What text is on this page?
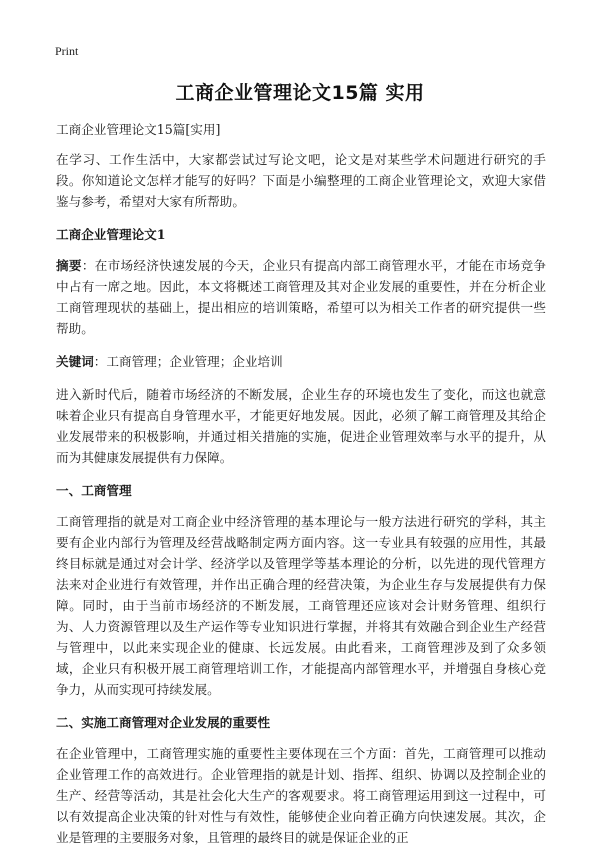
Print
工商企业管理论文15篇 实用

工商企业管理论文15篇[实用]

在学习、工作生活中，大家都尝试过写论文吧，论文是对某些学术问题进行研究的手段。你知道论文怎样才能写的好吗？下面是小编整理的工商企业管理论文，欢迎大家借鉴与参考，希望对大家有所帮助。

工商企业管理论文1

摘要：在市场经济快速发展的今天，企业只有提高内部工商管理水平，才能在市场竞争中占有一席之地。因此，本文将概述工商管理及其对企业发展的重要性，并在分析企业工商管理现状的基础上，提出相应的培训策略，希望可以为相关工作者的研究提供一些帮助。

关键词：工商管理；企业管理；企业培训

进入新时代后，随着市场经济的不断发展，企业生存的环境也发生了变化，而这也就意味着企业只有提高自身管理水平，才能更好地发展。因此，必须了解工商管理及其给企业发展带来的积极影响，并通过相关措施的实施，促进企业管理效率与水平的提升，从而为其健康发展提供有力保障。

一、工商管理

工商管理指的就是对工商企业中经济管理的基本理论与一般方法进行研究的学科，其主要有企业内部行为管理及经营战略制定两方面内容。这一专业具有较强的应用性，其最终目标就是通过对会计学、经济学以及管理学等基本理论的分析，以先进的现代管理方法来对企业进行有效管理，并作出正确合理的经营决策，为企业生存与发展提供有力保障。同时，由于当前市场经济的不断发展，工商管理还应该对会计财务管理、组织行为、人力资源管理以及生产运作等专业知识进行掌握，并将其有效融合到企业生产经营与管理中，以此来实现企业的健康、长远发展。由此看来，工商管理涉及到了众多领域，企业只有积极开展工商管理培训工作，才能提高内部管理水平，并增强自身核心竞争力，从而实现可持续发展。

二、实施工商管理对企业发展的重要性

在企业管理中，工商管理实施的重要性主要体现在三个方面：首先，工商管理可以推动企业管理工作的高效进行。企业管理指的就是计划、指挥、组织、协调以及控制企业的生产、经营等活动，其是社会化大生产的客观要求。将工商管理运用到这一过程中，可以有效提高企业决策的针对性与有效性，能够使企业向着正确方向快速发展。其次，企业是管理的主要服务对象，且管理的最终目的就是保证企业的正
